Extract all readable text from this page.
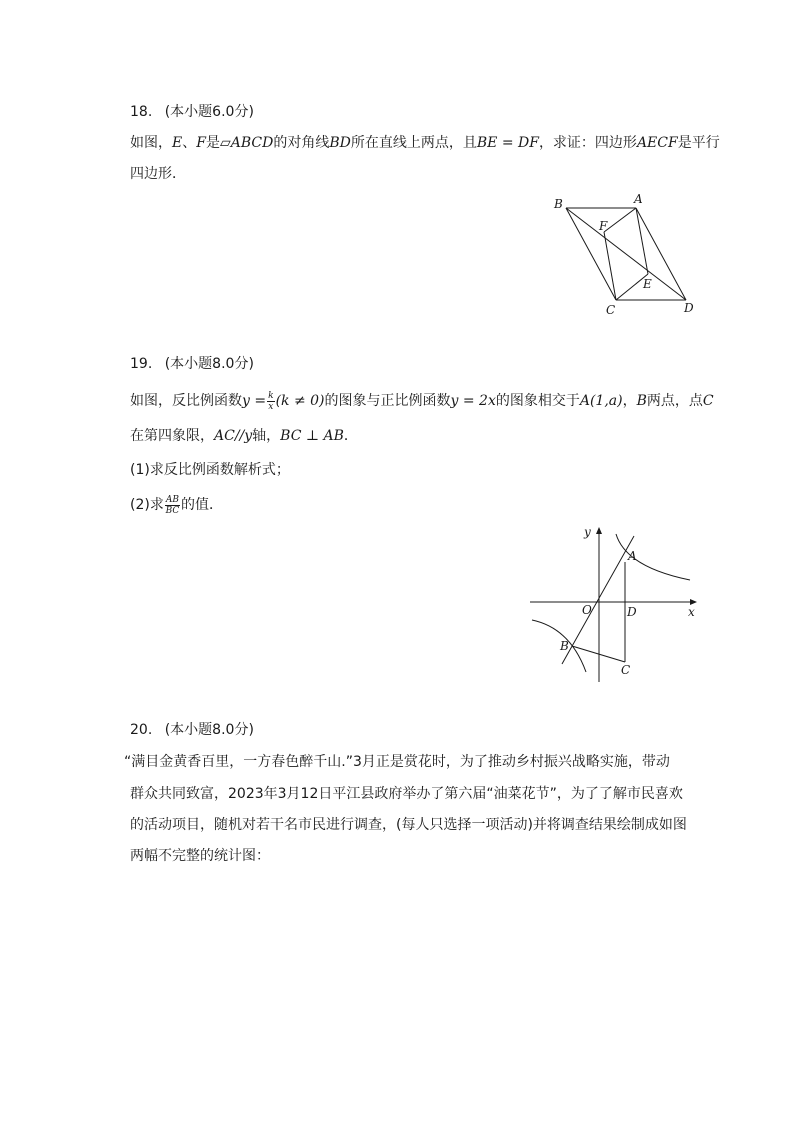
18. (本小题6.0分)
如图，E、F是▱ABCD的对角线BD所在直线上两点，且BE = DF，求证：四边形AECF是平行
四边形．
B	A
F
E
C	D
19. (本小题8.0分)
如图，反比例函数$y = \frac{k}{x} (k \ne 0)$的图象与正比例函数y = 2x的图象相交于A(1,a)，B两点，点C
在第四象限，AC//y轴，BC ⊥ AB．
(1)求反比例函数解析式；
(2)求 $\frac{AB}{BC}$ 的值．
y
x
O
A
B
C
D
20. (本小题8.0分)
“满目金黄香百里，一方春色醉千山.”3月正是赏花时，为了推动乡村振兴战略实施，带动
群众共同致富，2023年3月12日平江县政府举办了第六届“油菜花节”，为了了解市民喜欢
的活动项目，随机对若干名市民进行调查，(每人只选择一项活动)并将调查结果绘制成如图
两幅不完整的统计图：
